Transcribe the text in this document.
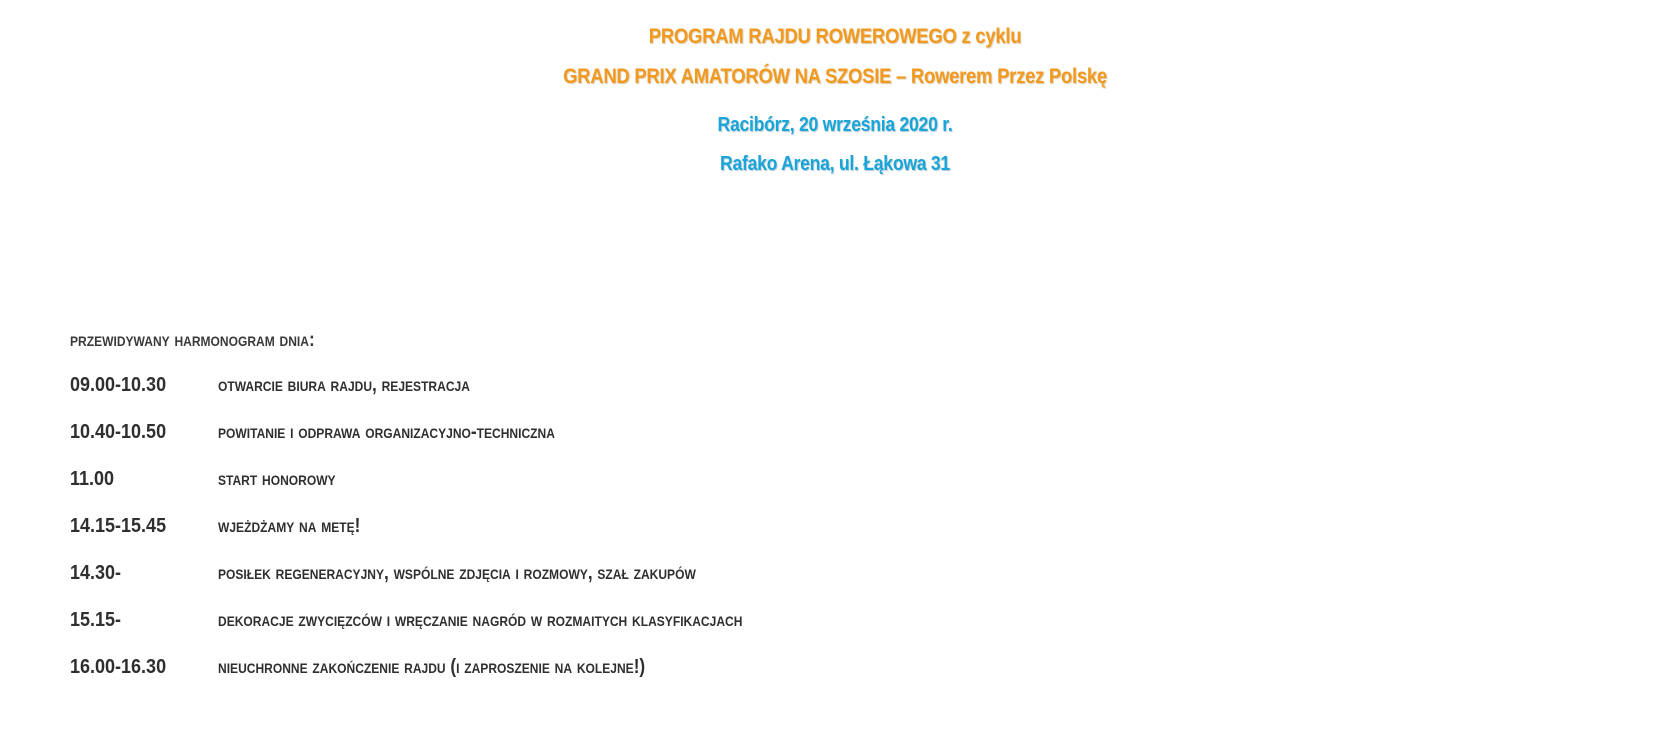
PROGRAM RAJDU ROWEROWEGO z cyklu
GRAND PRIX AMATORÓW NA SZOSIE – Rowerem Przez Polskę
Racibórz, 20 września 2020 r.
Rafako Arena, ul. Łąkowa 31
przewidywany harmonogram dnia:
09.00-10.30	otwarcie biura rajdu, rejestracja
10.40-10.50	powitanie i odprawa organizacyjno-techniczna
11.00	start honorowy
14.15-15.45	wjeżdżamy na metę!
14.30-	posiłek regeneracyjny, wspólne zdjęcia i rozmowy, szał zakupów
15.15-	dekoracje zwycięzców i wręczanie nagród w rozmaitych klasyfikacjach
16.00-16.30	nieuchronne zakończenie rajdu (i zaproszenie na kolejne!)
